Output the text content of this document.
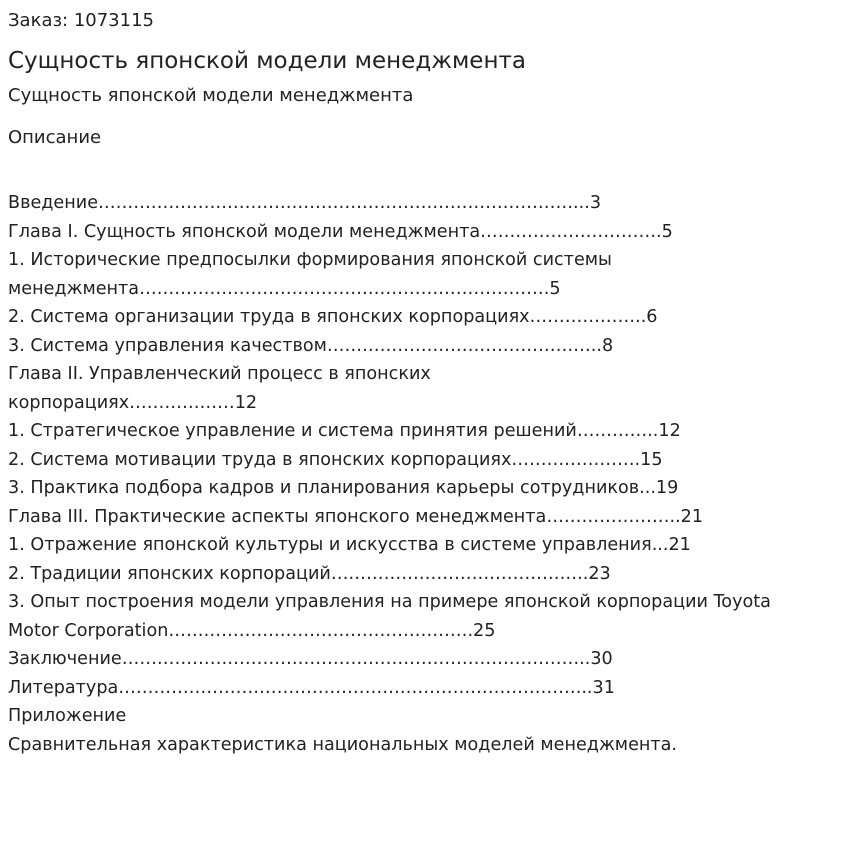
Заказ: 1073115

Сущность японской модели менеджмента

Сущность японской модели менеджмента

Описание

Введение………………………………………………………………………...3
Глава I. Сущность японской модели менеджмента………………………….5
1. Исторические предпосылки формирования японской системы
менеджмента…………………………………………………………….5
2. Система организации труда в японских корпорациях………………..6
3. Система управления качеством………………………………………..8
Глава II. Управленческий процесс в японских
корпорациях………………12
1. Стратегическое управление и система принятия решений…………..12
2. Система мотивации труда в японских корпорациях………………….15
3. Практика подбора кадров и планирования карьеры сотрудников...19
Глава III. Практические аспекты японского менеджмента…………………..21
1. Отражение японской культуры и искусства в системе управления...21
2. Традиции японских корпораций……………………………………..23
3. Опыт построения модели управления на примере японской корпорации Toyota
Motor Corporation…………………………………………….25
Заключение……………………………………………………………………..30
Литература……………………………………………………………………...31
Приложение
Сравнительная характеристика национальных моделей менеджмента.
